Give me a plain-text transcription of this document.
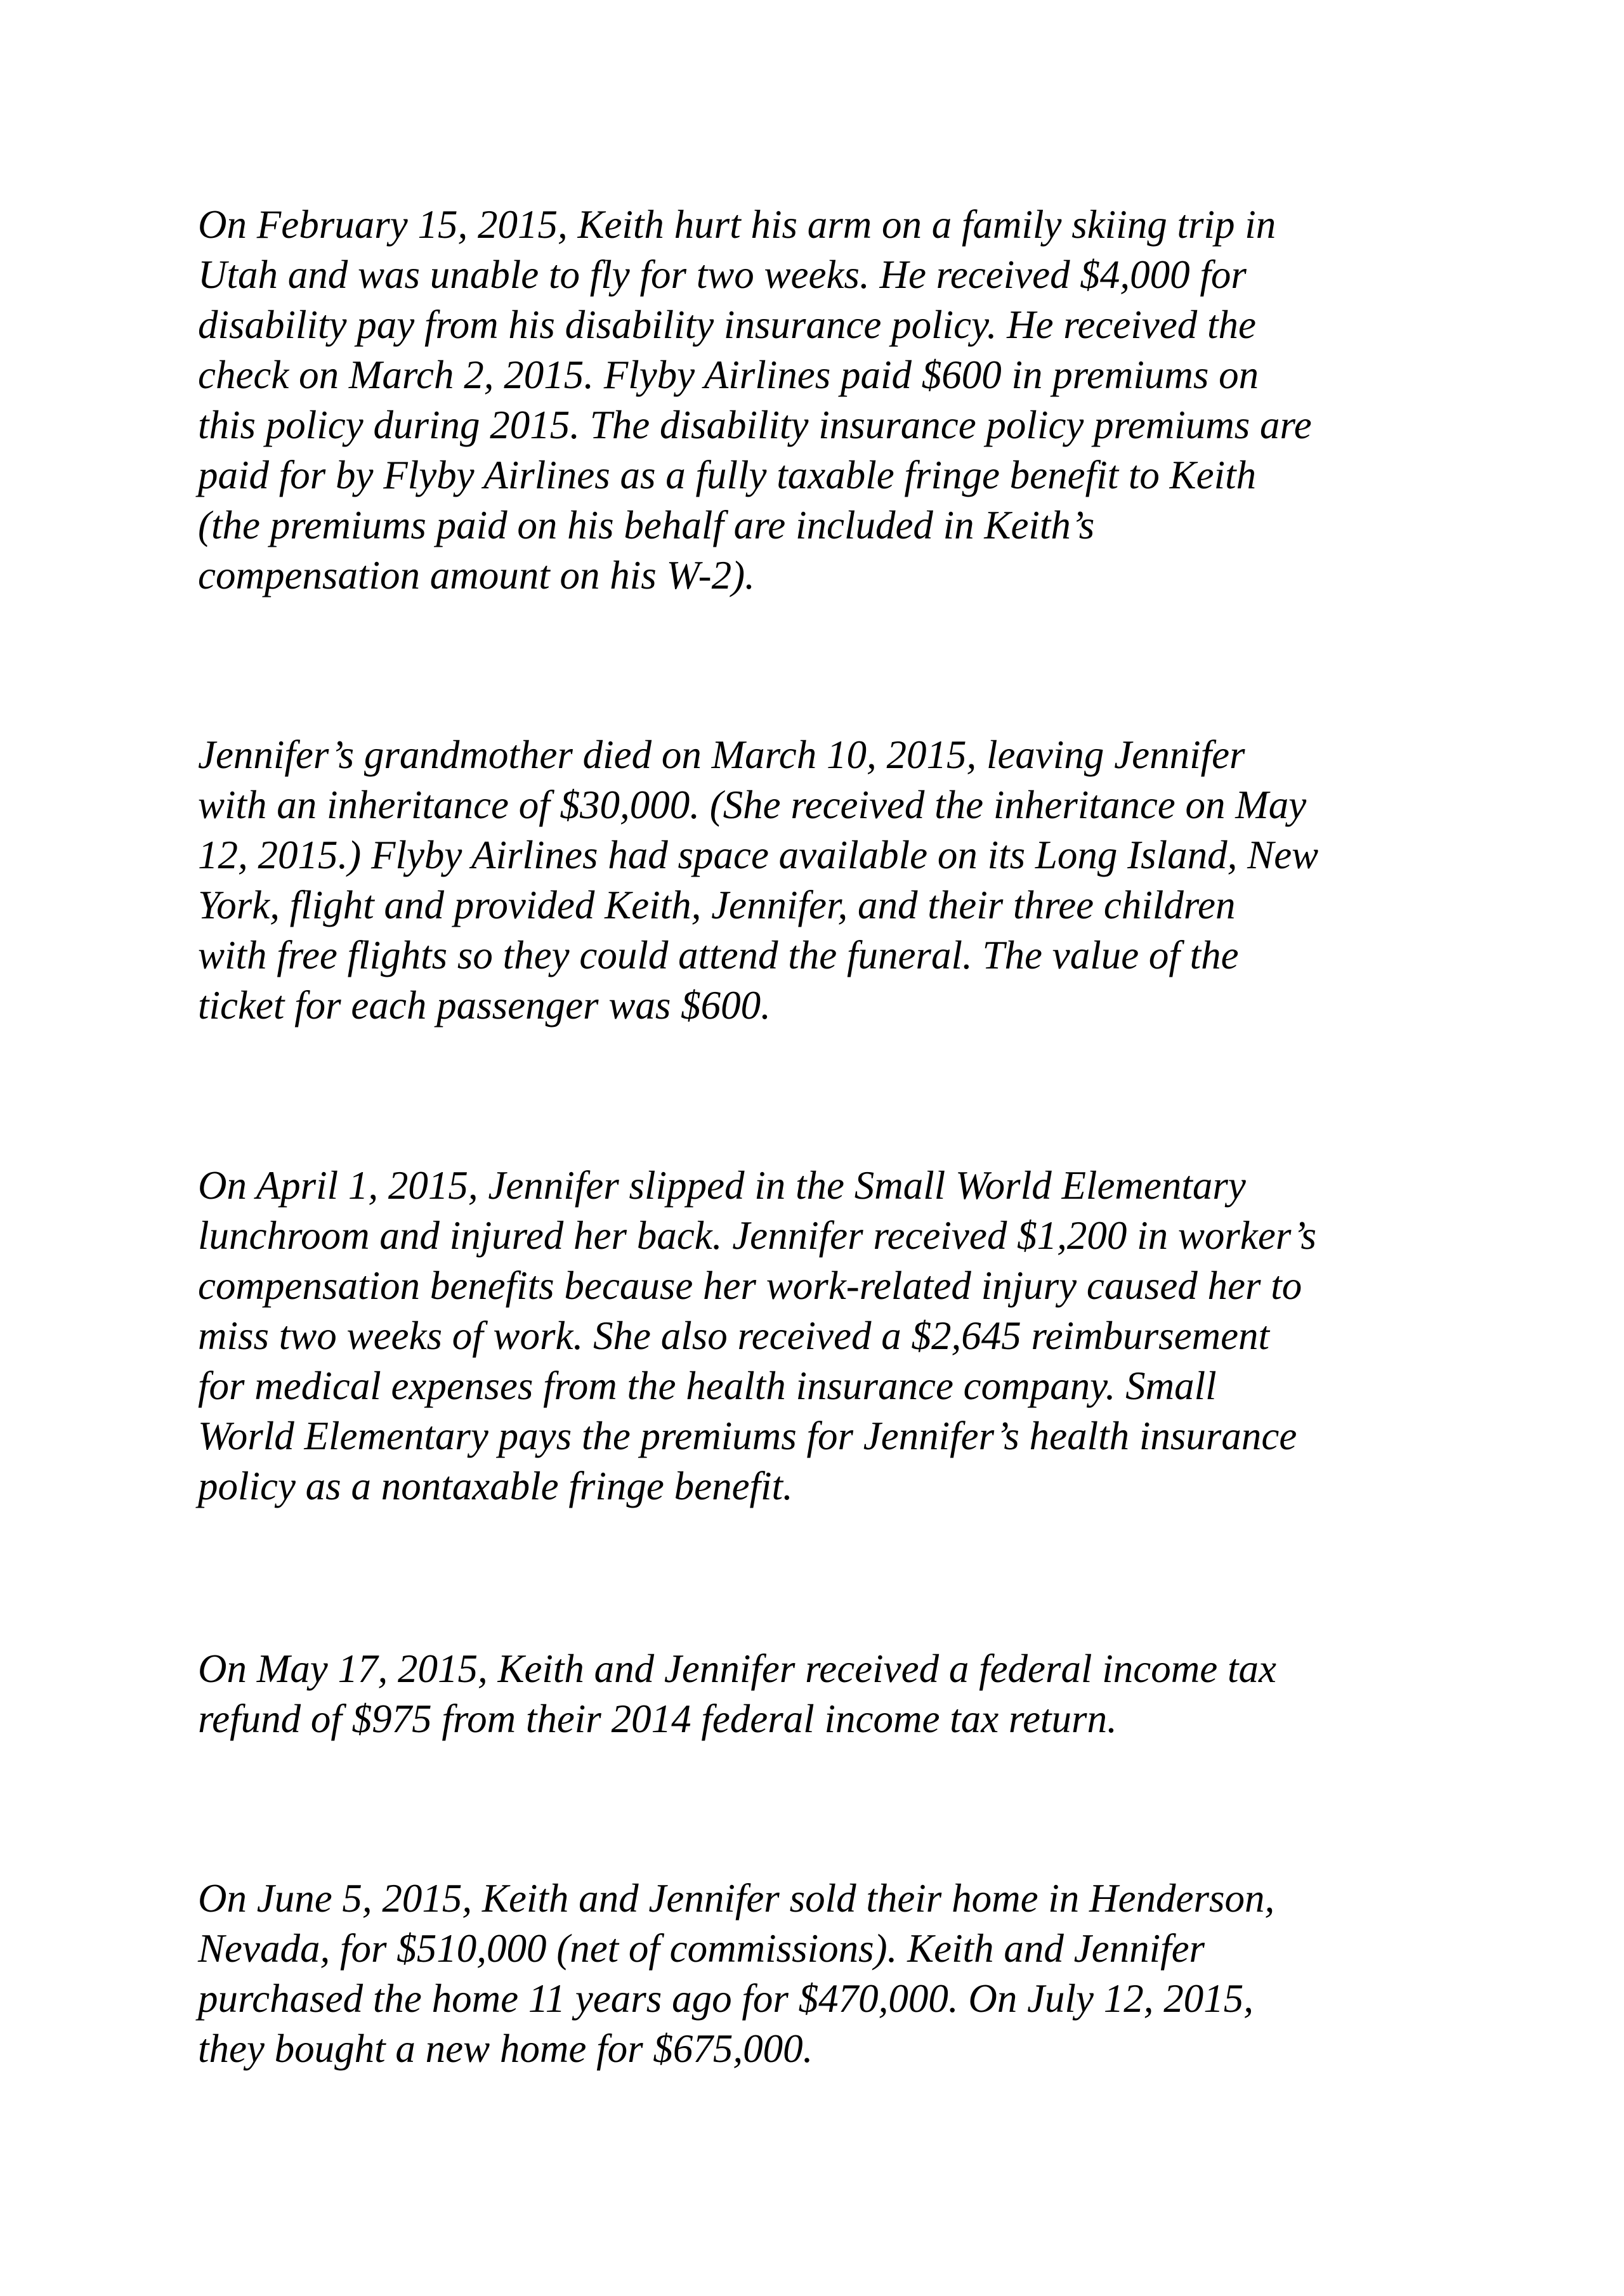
On February 15, 2015, Keith hurt his arm on a family skiing trip in
Utah and was unable to fly for two weeks. He received $4,000 for
disability pay from his disability insurance policy. He received the
check on March 2, 2015. Flyby Airlines paid $600 in premiums on
this policy during 2015. The disability insurance policy premiums are
paid for by Flyby Airlines as a fully taxable fringe benefit to Keith
(the premiums paid on his behalf are included in Keith’s
compensation amount on his W-2).

Jennifer’s grandmother died on March 10, 2015, leaving Jennifer
with an inheritance of $30,000. (She received the inheritance on May
12, 2015.) Flyby Airlines had space available on its Long Island, New
York, flight and provided Keith, Jennifer, and their three children
with free flights so they could attend the funeral. The value of the
ticket for each passenger was $600.

On April 1, 2015, Jennifer slipped in the Small World Elementary
lunchroom and injured her back. Jennifer received $1,200 in worker’s
compensation benefits because her work-related injury caused her to
miss two weeks of work. She also received a $2,645 reimbursement
for medical expenses from the health insurance company. Small
World Elementary pays the premiums for Jennifer’s health insurance
policy as a nontaxable fringe benefit.

On May 17, 2015, Keith and Jennifer received a federal income tax
refund of $975 from their 2014 federal income tax return.

On June 5, 2015, Keith and Jennifer sold their home in Henderson,
Nevada, for $510,000 (net of commissions). Keith and Jennifer
purchased the home 11 years ago for $470,000. On July 12, 2015,
they bought a new home for $675,000.
